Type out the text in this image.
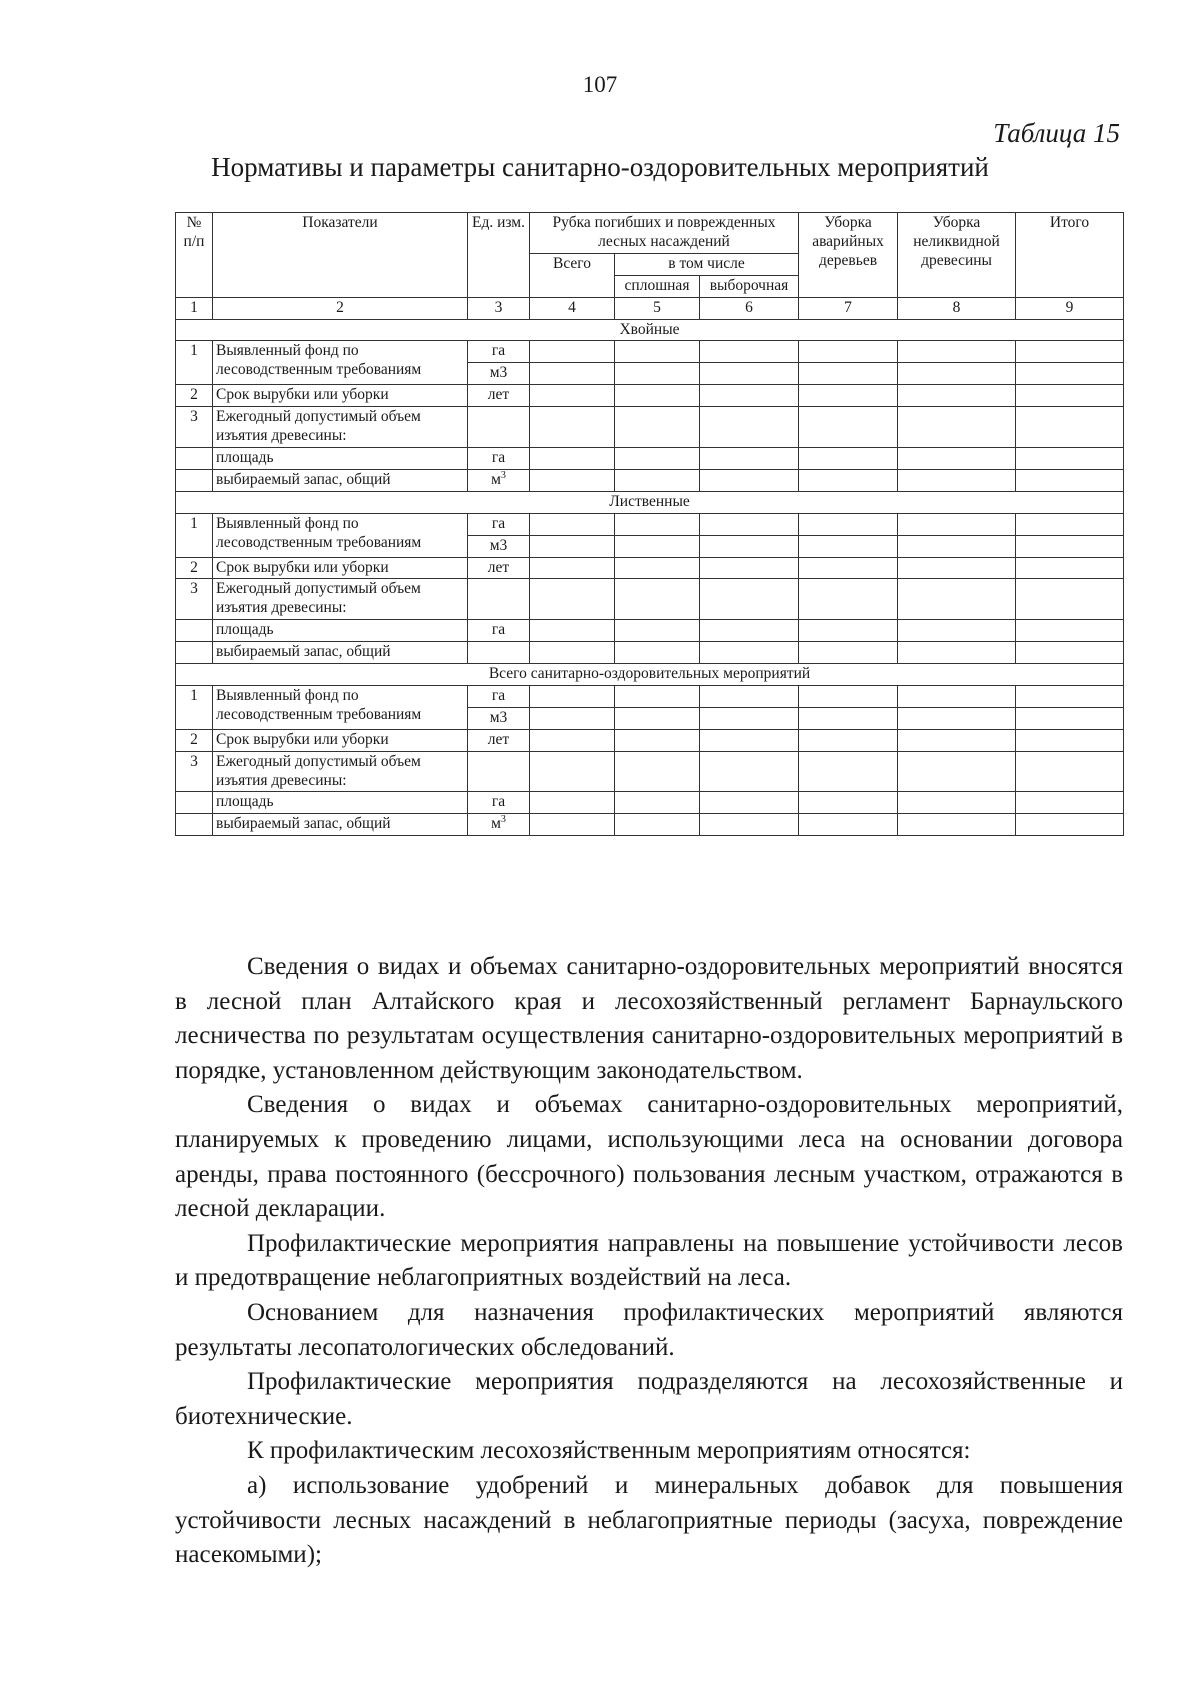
107
Таблица 15
Нормативы и параметры санитарно-оздоровительных мероприятий
№ п/п	Показатели	Ед. изм.	Рубка погибших и поврежденных лесных насаждений			Уборка аварийных деревьев	Уборка неликвидной древесины	Итого
			Всего	в том числе				
				сплошная	выборочная			
1	2	3	4	5	6	7	8	9
Хвойные								
1	Выявленный фонд по лесоводственным требованиям	га						
		м3						
2	Срок вырубки или уборки	лет						
3	Ежегодный допустимый объем изъятия древесины:							
	площадь	га						
	выбираемый запас, общий	$м^3$						
Лиственные								
1	Выявленный фонд по лесоводственным требованиям	га						
		м3						
2	Срок вырубки или уборки	лет						
3	Ежегодный допустимый объем изъятия древесины:							
	площадь	га						
	выбираемый запас, общий							
Всего санитарно-оздоровительных мероприятий								
1	Выявленный фонд по лесоводственным требованиям	га						
		м3						
2	Срок вырубки или уборки	лет						
3	Ежегодный допустимый объем изъятия древесины:							
	площадь	га						
	выбираемый запас, общий	$м^3$						

Сведения о видах и объемах санитарно-оздоровительных мероприятий вносятся в лесной план Алтайского края и лесохозяйственный регламент Барнаульского лесничества по результатам осуществления санитарно-оздоровительных мероприятий в порядке, установленном действующим законодательством.

Сведения о видах и объемах санитарно-оздоровительных мероприятий, планируемых к проведению лицами, использующими леса на основании договора аренды, права постоянного (бессрочного) пользования лесным участком, отражаются в лесной декларации.

Профилактические мероприятия направлены на повышение устойчивости лесов и предотвращение неблагоприятных воздействий на леса.

Основанием для назначения профилактических мероприятий являются результаты лесопатологических обследований.

Профилактические мероприятия подразделяются на лесохозяйственные и биотехнические.

К профилактическим лесохозяйственным мероприятиям относятся:

а) использование удобрений и минеральных добавок для повышения устойчивости лесных насаждений в неблагоприятные периоды (засуха, повреждение насекомыми);
